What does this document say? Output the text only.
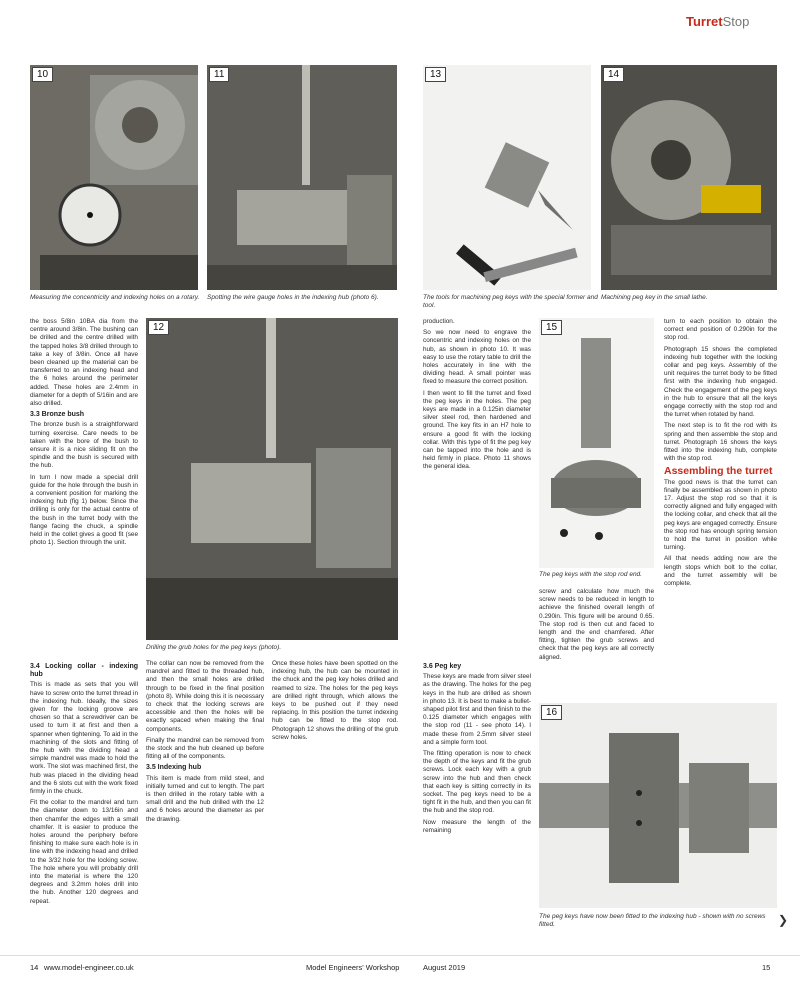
TurretStop
10
Measuring the concentricity and indexing holes on a rotary.
11
Spotting the wire gauge holes in the indexing hub (photo 6).
13
The tools for machining peg keys with the special former and tool.
14
Machining peg key in the small lathe.

the boss 5/8in 10BA dia from the centre around 3/8in. The bushing can be drilled and the centre drilled with the tapped holes 3/8 drilled through to take a key of 3/8in. Once all have been cleaned up the material can be transferred to an indexing head and the 6 holes around the perimeter added. These holes are 2.4mm in diameter for a depth of 5/16in and are also drilled.

3.3 Bronze bush

The bronze bush is a straightforward turning exercise. Care needs to be taken with the bore of the bush to ensure it is a nice sliding fit on the spindle and the bush is secured with the hub.

In turn I now made a special drill guide for the hole through the bush in a convenient position for marking the indexing hub (fig 1) below. Since the drilling is only for the actual centre of the bush in the turret body with the flange facing the chuck, a spindle held in the collet gives a good fit (see photo 1). Section through the unit.

12
Drilling the grub holes for the peg keys (photo).
3.4 Locking collar - indexing hub

This is made as sets that you will have to screw onto the turret thread in the indexing hub. Ideally, the sizes given for the locking groove are chosen so that a screwdriver can be used to turn it at first and then a spanner when tightening. To aid in the machining of the slots and fitting of the hub with the dividing head a simple mandrel was made to hold the work. The slot was machined first, the hub was placed in the dividing head and the 6 slots cut with the work fixed firmly in the chuck.

Fit the collar to the mandrel and turn the diameter down to 13/16in and then chamfer the edges with a small chamfer. It is easier to produce the holes around the periphery before finishing to make sure each hole is in line with the indexing head and drilled to the 3/32 hole for the locking screw. The hole where you will probably drill into the material is where the 120 degrees and 3.2mm holes drill into the hub. Another 120 degrees and repeat.

The collar can now be removed from the mandrel and fitted to the threaded hub, and then the small holes are drilled through to be fixed in the final position (photo 8). While doing this it is necessary to check that the locking screws are accessible and then the holes will be exactly spaced when making the final components.

Finally the mandrel can be removed from the stock and the hub cleaned up before fitting all of the components.

3.5 Indexing hub

This item is made from mild steel, and initially turned and cut to length. The part is then drilled in the rotary table with a small drill and the hub drilled with the 12 and 6 holes around the diameter as per the drawing.

Once these holes have been spotted on the indexing hub, the hub can be mounted in the chuck and the peg key holes drilled and reamed to size. The holes for the peg keys are drilled right through, which allows the keys to be pushed out if they need replacing. In this position the turret indexing hub can be fitted to the stop rod. Photograph 12 shows the drilling of the grub screw holes.

production.

So we now need to engrave the concentric and indexing holes on the hub, as shown in photo 10. It was easy to use the rotary table to drill the holes accurately in line with the dividing head. A small pointer was fixed to measure the correct position.

I then went to fill the turret and fixed the peg keys in the holes. The peg keys are made in a 0.125in diameter silver steel rod, then hardened and ground. The key fits in an H7 hole to ensure a good fit with the locking collar. With this type of fit the peg key can be tapped into the hole and is held firmly in place. Photo 11 shows the general idea.

15
The peg keys with the stop rod end.

screw and calculate how much the screw needs to be reduced in length to achieve the finished overall length of 0.290in. This figure will be around 0.65. The stop rod is then cut and faced to length and the end chamfered. After fitting, tighten the grub screws and check that the peg keys are all correctly aligned.

3.6 Peg key

These keys are made from silver steel as the drawing. The holes for the peg keys in the hub are drilled as shown in photo 13. It is best to make a bullet-shaped pilot first and then finish to the 0.125 diameter which engages with the stop rod (11 - see photo 14). I made these from 2.5mm silver steel and a simple form tool.

The fitting operation is now to check the depth of the keys and fit the grub screws. Lock each key with a grub screw into the hub and then check that each key is sitting correctly in its socket. The peg keys need to be a tight fit in the hub, and then you can fit the hub and the stop rod.

Now measure the length of the remaining

turn to each position to obtain the correct end position of 0.290in for the stop rod.

Photograph 15 shows the completed indexing hub together with the locking collar and peg keys. Assembly of the unit requires the turret body to be fitted first with the indexing hub engaged. Check the engagement of the peg keys in the hub to ensure that all the keys engage correctly with the stop rod and the turret when rotated by hand.

The next step is to fit the rod with its spring and then assemble the stop and turret. Photograph 16 shows the keys fitted into the indexing hub, complete with the stop rod.

Assembling the turret

The good news is that the turret can finally be assembled as shown in photo 17. Adjust the stop rod so that it is correctly aligned and fully engaged with the locking collar, and check that all the peg keys are engaged correctly. Ensure the stop rod has enough spring tension to hold the turret in position while turning.

All that needs adding now are the length stops which bolt to the collar, and the turret assembly will be complete.

16
The peg keys have now been fitted to the indexing hub - shown with no screws fitted.	❯
14 www.model-engineer.co.uk	Model Engineers' Workshop	August 2019	15
